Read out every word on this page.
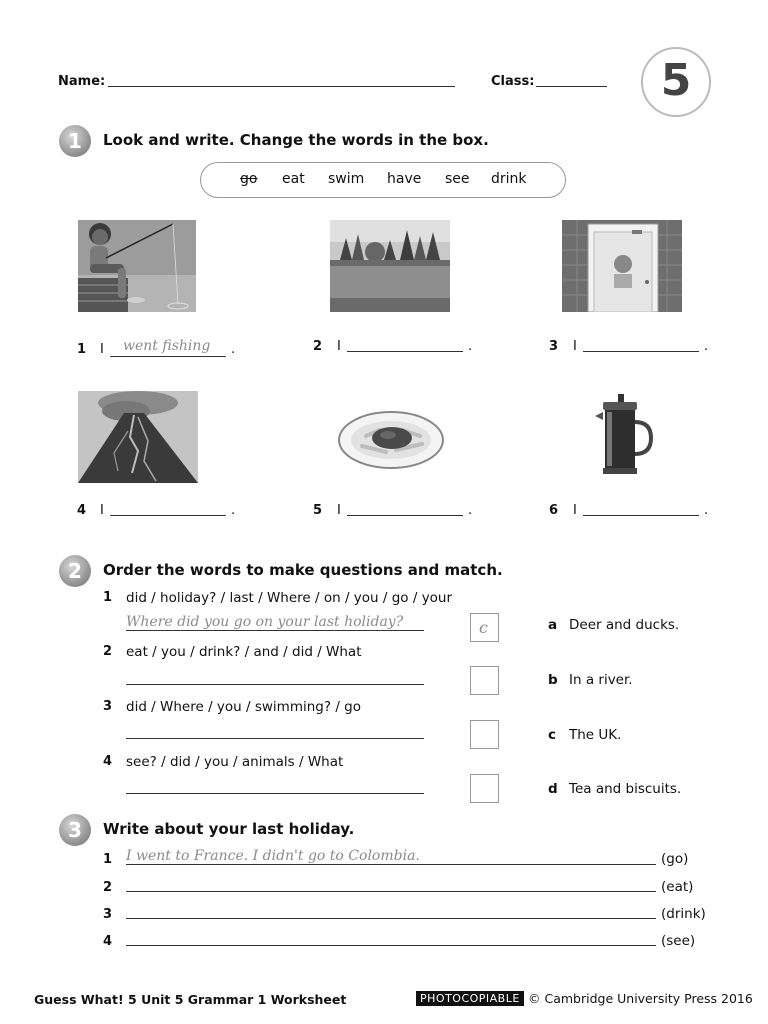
Name:	Class:	5
1	Look and write. Change the words in the box.
go eat swim have see drink
1 I went fishing .	2 I	.	3 I	.
4 I	.	5 I	.	6 I	.
2	Order the words to make questions and match.
1 did / holiday? / last / Where / on / you / go / your
Where did you go on your last holiday?	c
2 eat / you / drink? / and / did / What
3 did / Where / you / swimming? / go
4 see? / did / you / animals / What
a Deer and ducks.
b In a river.
c The UK.
d Tea and biscuits.
3	Write about your last holiday.
1 I went to France. I didn't go to Colombia.	(go)
2	(eat)
3	(drink)
4	(see)
Guess What! 5 Unit 5 Grammar 1 Worksheet	PHOTOCOPIABLE © Cambridge University Press 2016
